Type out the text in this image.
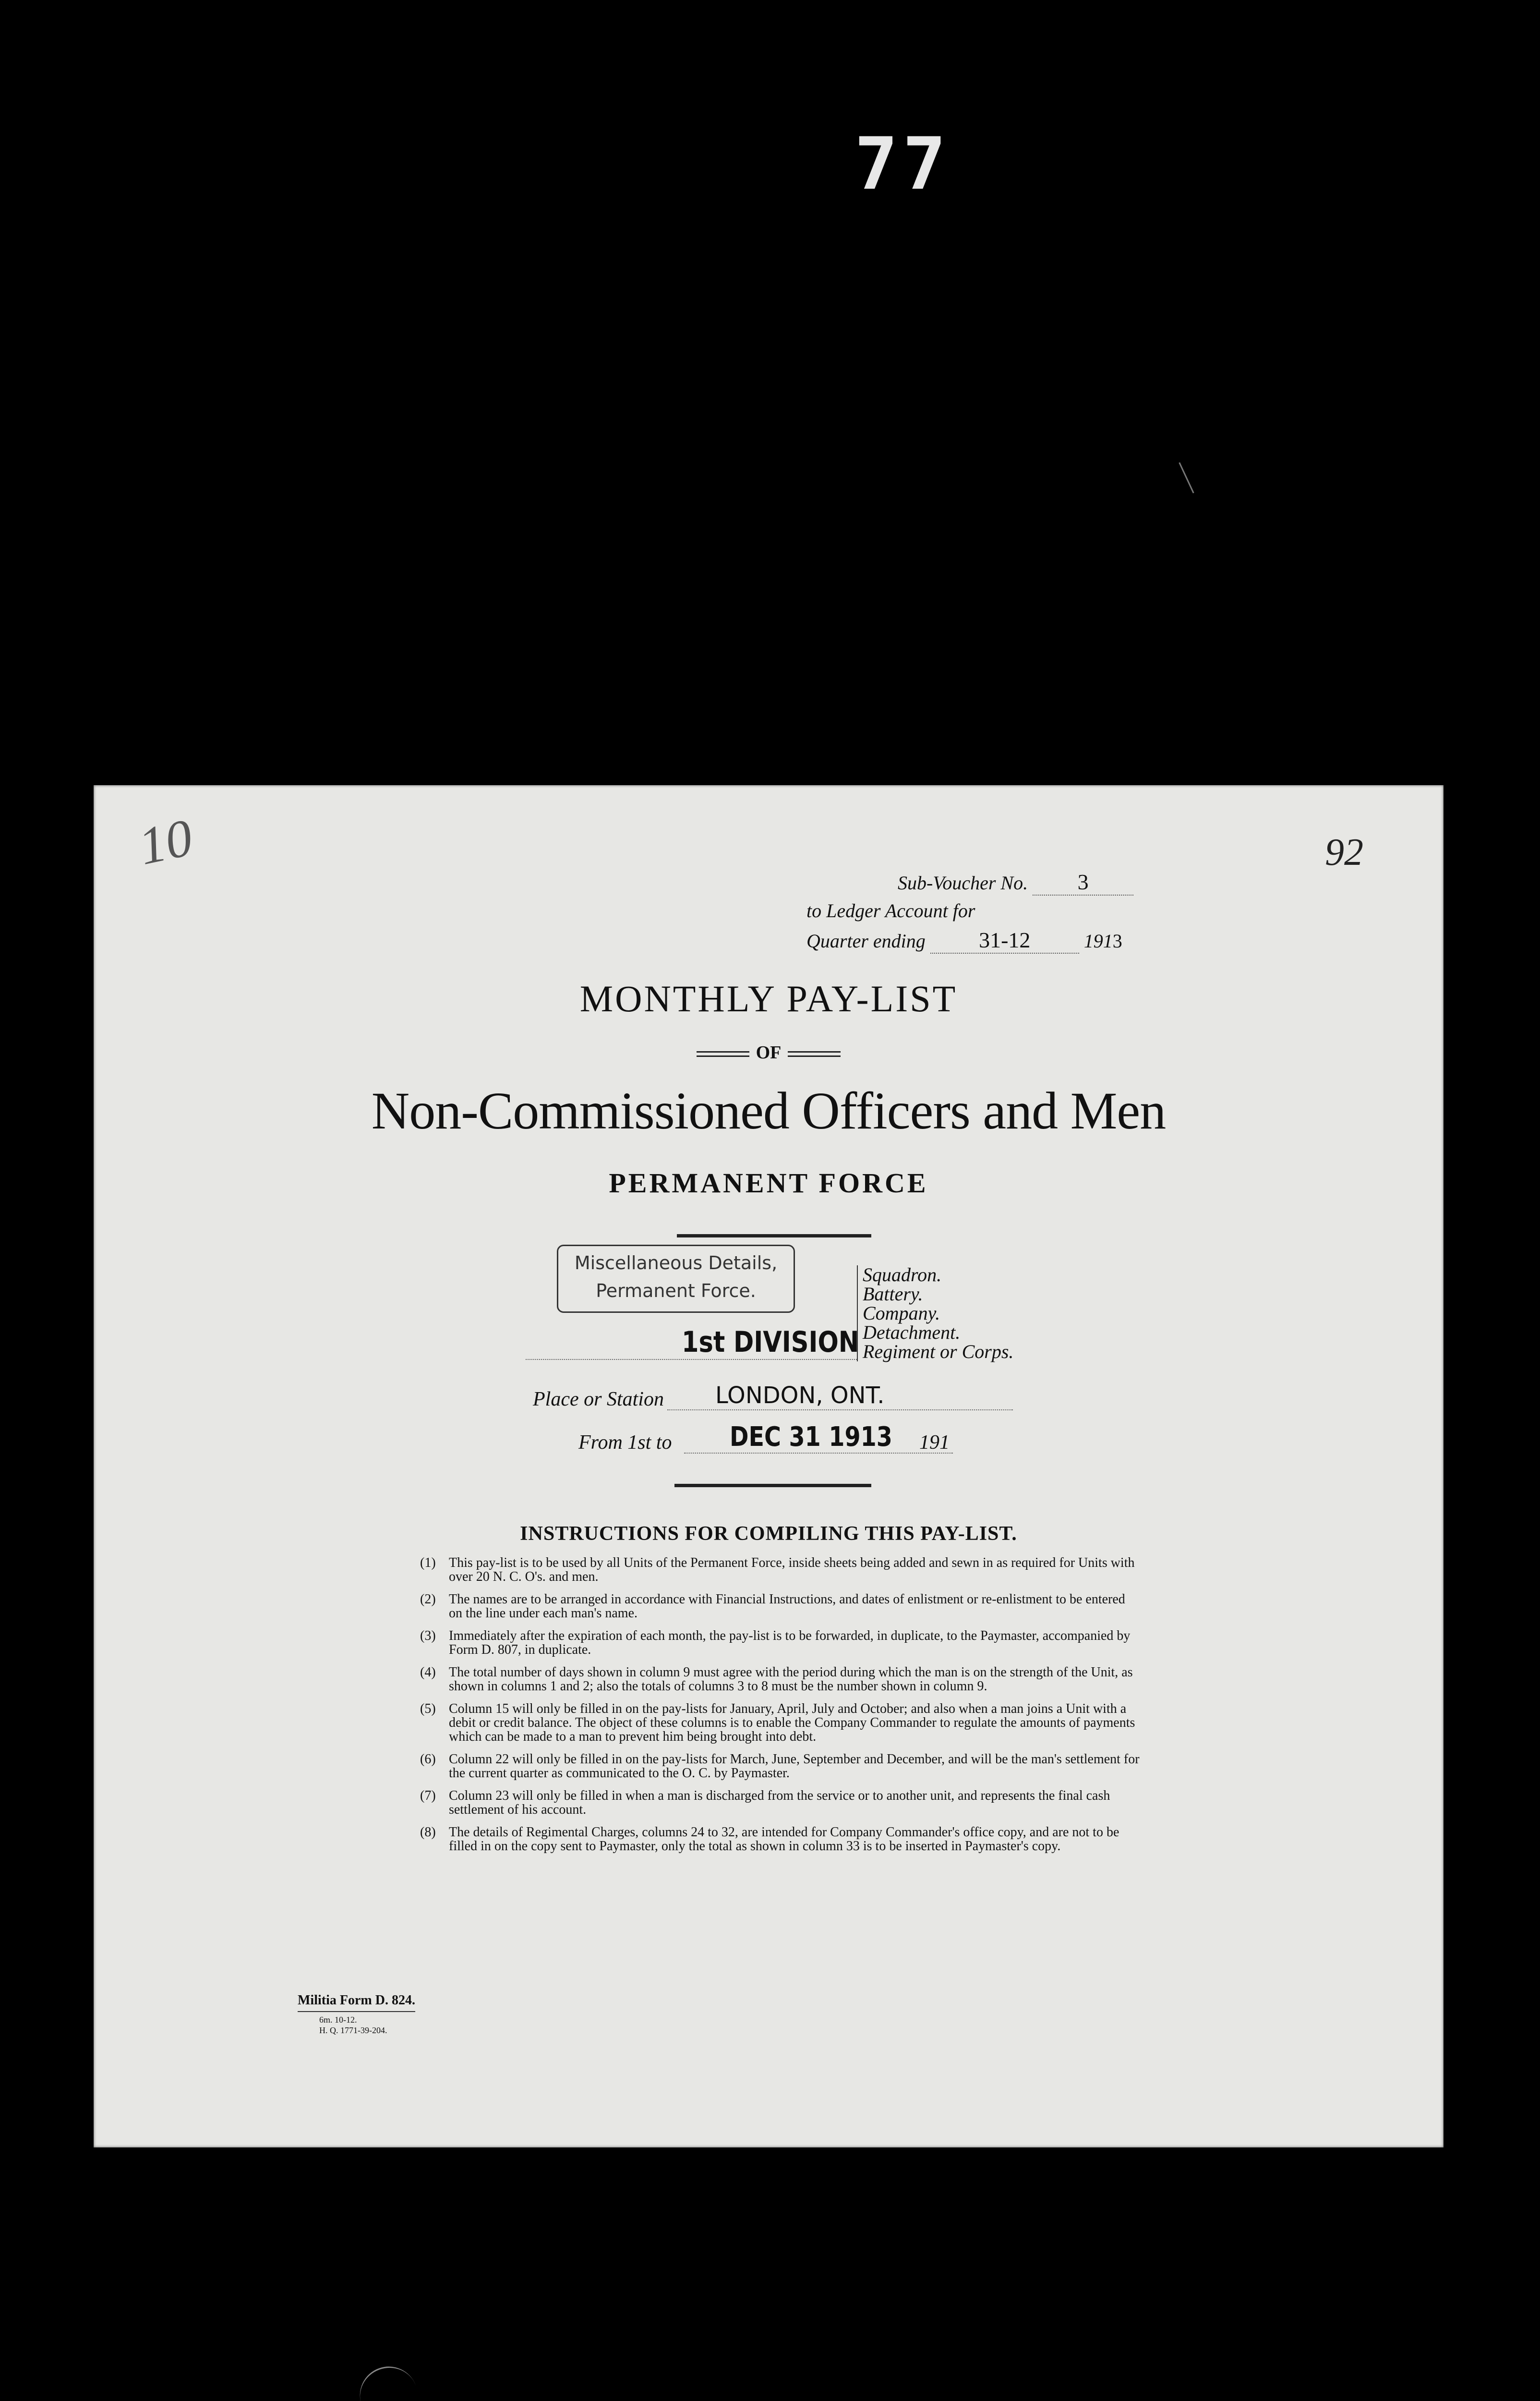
77
10	92
Sub-Voucher No. 3
to Ledger Account for
Quarter ending 31-12	1913
MONTHLY PAY-LIST
OF
Non-Commissioned Officers and Men
PERMANENT FORCE
Miscellaneous Details,
Permanent Force.
1st DIVISION
Squadron.
Battery.
Company.
Detachment.
Regiment or Corps.
Place or Station LONDON, ONT.
From 1st to DEC 31 1913 191
INSTRUCTIONS FOR COMPILING THIS PAY-LIST.
(1) This pay-list is to be used by all Units of the Permanent Force, inside sheets being added and sewn in as required for Units with over 20 N. C. O's. and men.
(2) The names are to be arranged in accordance with Financial Instructions, and dates of enlistment or re-enlistment to be entered on the line under each man's name.
(3) Immediately after the expiration of each month, the pay-list is to be forwarded, in duplicate, to the Paymaster, accompanied by Form D. 807, in duplicate.
(4) The total number of days shown in column 9 must agree with the period during which the man is on the strength of the Unit, as shown in columns 1 and 2; also the totals of columns 3 to 8 must be the number shown in column 9.
(5) Column 15 will only be filled in on the pay-lists for January, April, July and October; and also when a man joins a Unit with a debit or credit balance. The object of these columns is to enable the Company Commander to regulate the amounts of payments which can be made to a man to prevent him being brought into debt.
(6) Column 22 will only be filled in on the pay-lists for March, June, September and December, and will be the man's settlement for the current quarter as communicated to the O. C. by Paymaster.
(7) Column 23 will only be filled in when a man is discharged from the service or to another unit, and represents the final cash settlement of his account.
(8) The details of Regimental Charges, columns 24 to 32, are intended for Company Commander's office copy, and are not to be filled in on the copy sent to Paymaster, only the total as shown in column 33 is to be inserted in Paymaster's copy.
Militia Form D. 824.
6m. 10-12.
H. Q. 1771-39-204.
